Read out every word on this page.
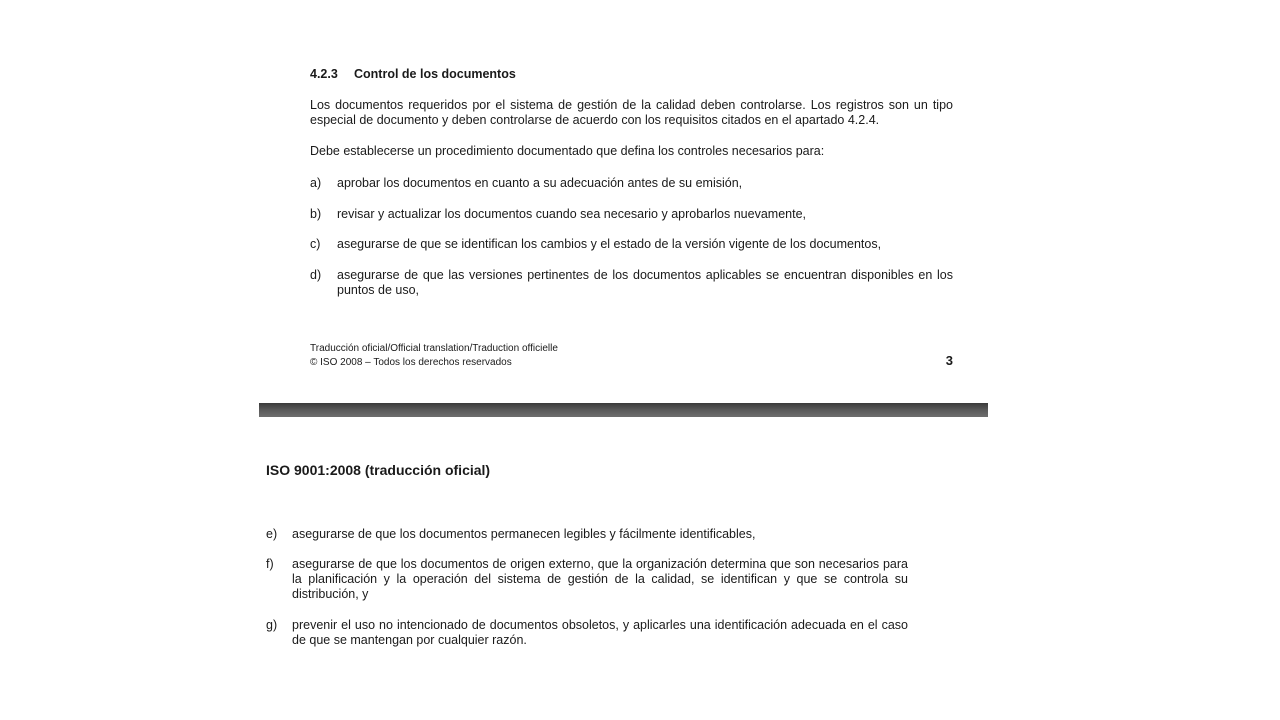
4.2.3 Control de los documentos
Los documentos requeridos por el sistema de gestión de la calidad deben controlarse. Los registros son un tipo especial de documento y deben controlarse de acuerdo con los requisitos citados en el apartado 4.2.4.
Debe establecerse un procedimiento documentado que defina los controles necesarios para:
a) aprobar los documentos en cuanto a su adecuación antes de su emisión,
b) revisar y actualizar los documentos cuando sea necesario y aprobarlos nuevamente,
c) asegurarse de que se identifican los cambios y el estado de la versión vigente de los documentos,
d) asegurarse de que las versiones pertinentes de los documentos aplicables se encuentran disponibles en los puntos de uso,
Traducción oficial/Official translation/Traduction officielle
© ISO 2008 – Todos los derechos reservados	3
ISO 9001:2008 (traducción oficial)
e) asegurarse de que los documentos permanecen legibles y fácilmente identificables,
f) asegurarse de que los documentos de origen externo, que la organización determina que son necesarios para la planificación y la operación del sistema de gestión de la calidad, se identifican y que se controla su distribución, y
g) prevenir el uso no intencionado de documentos obsoletos, y aplicarles una identificación adecuada en el caso de que se mantengan por cualquier razón.
